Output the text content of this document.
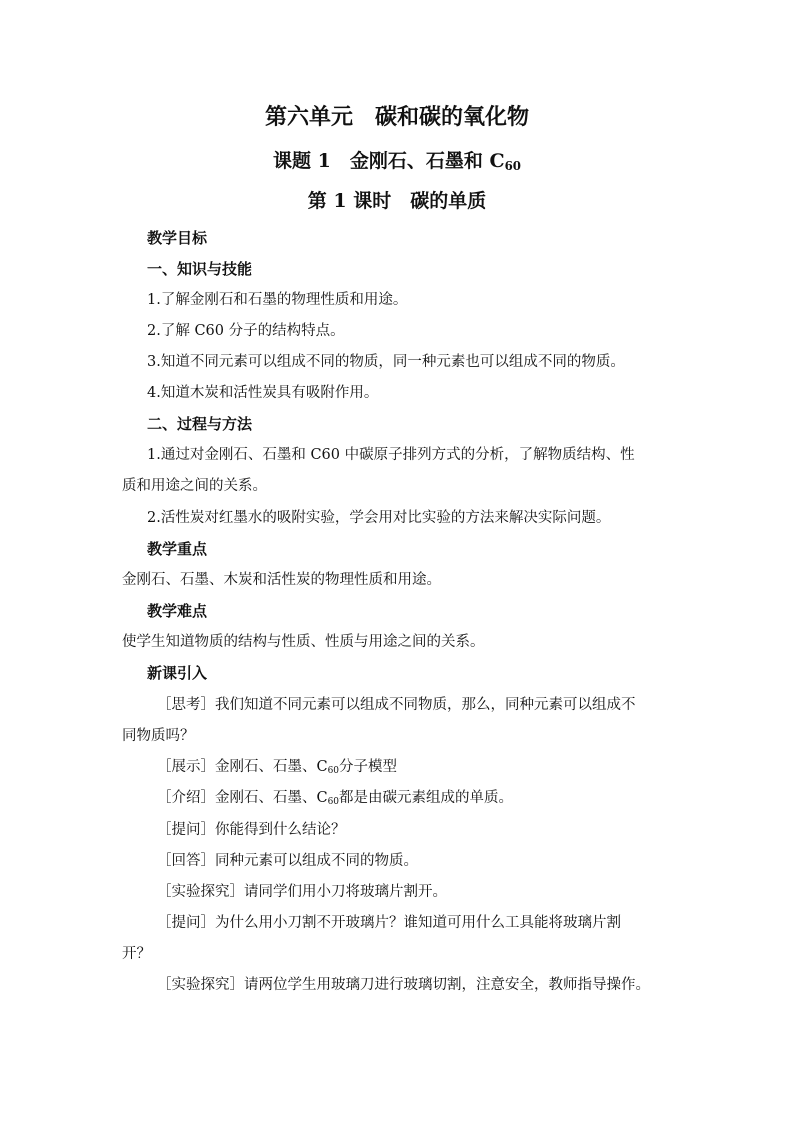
第六单元　碳和碳的氧化物
课题 1　金刚石、石墨和 $C_{60}$
第 1 课时　碳的单质
教学目标
一、知识与技能
1.了解金刚石和石墨的物理性质和用途。
2.了解 C60 分子的结构特点。
3.知道不同元素可以组成不同的物质，同一种元素也可以组成不同的物质。
4.知道木炭和活性炭具有吸附作用。
二、过程与方法
1.通过对金刚石、石墨和 C60 中碳原子排列方式的分析，了解物质结构、性
质和用途之间的关系。
2.活性炭对红墨水的吸附实验，学会用对比实验的方法来解决实际问题。
教学重点
金刚石、石墨、木炭和活性炭的物理性质和用途。
教学难点
使学生知道物质的结构与性质、性质与用途之间的关系。
新课引入
［思考］我们知道不同元素可以组成不同物质，那么，同种元素可以组成不
同物质吗？
［展示］金刚石、石墨、$C_{60}$分子模型
［介绍］金刚石、石墨、$C_{60}$都是由碳元素组成的单质。
［提问］你能得到什么结论？
［回答］同种元素可以组成不同的物质。
［实验探究］请同学们用小刀将玻璃片割开。
［提问］为什么用小刀割不开玻璃片？谁知道可用什么工具能将玻璃片割
开？
［实验探究］请两位学生用玻璃刀进行玻璃切割，注意安全，教师指导操作。
